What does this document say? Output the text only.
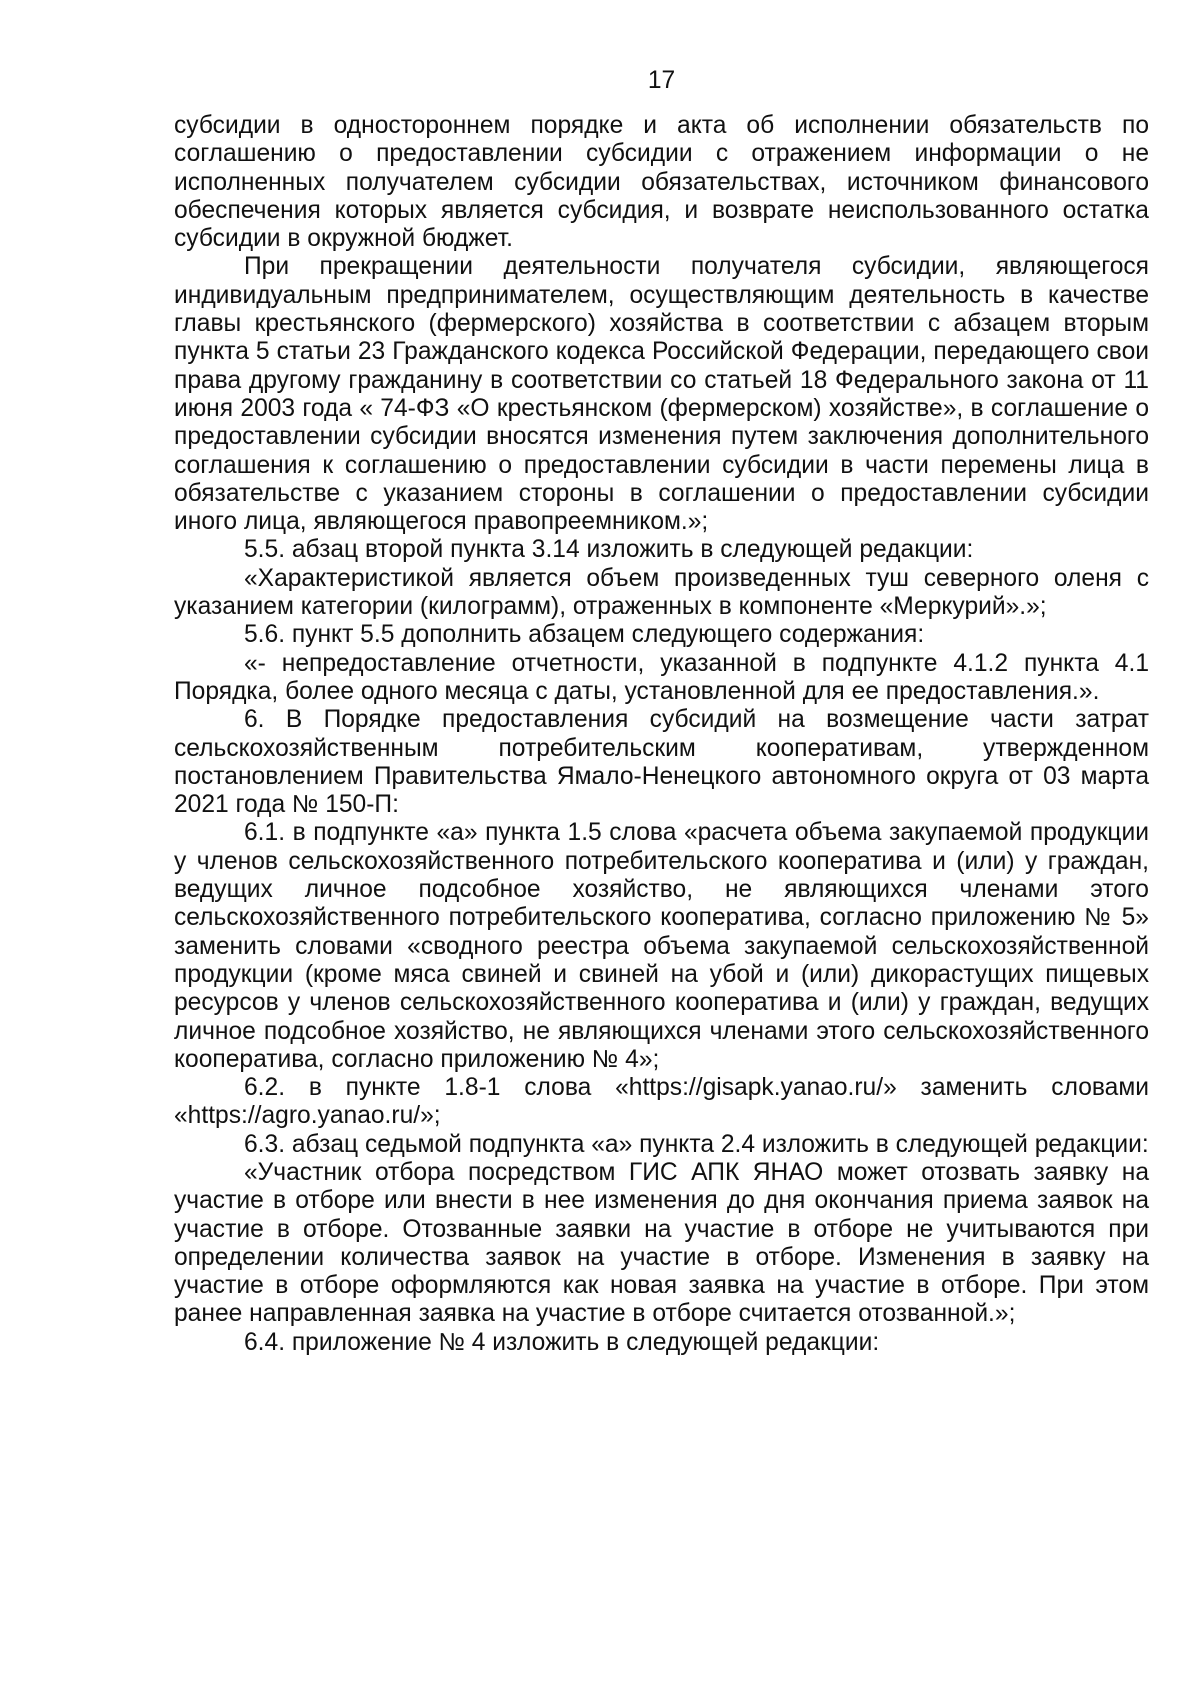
17

субсидии в одностороннем порядке и акта об исполнении обязательств по соглашению о предоставлении субсидии с отражением информации о не исполненных получателем субсидии обязательствах, источником финансового обеспечения которых является субсидия, и возврате неиспользованного остатка субсидии в окружной бюджет.

При прекращении деятельности получателя субсидии, являющегося индивидуальным предпринимателем, осуществляющим деятельность в качестве главы крестьянского (фермерского) хозяйства в соответствии с абзацем вторым пункта 5 статьи 23 Гражданского кодекса Российской Федерации, передающего свои права другому гражданину в соответствии со статьей 18 Федерального закона от 11 июня 2003 года « 74-ФЗ «О крестьянском (фермерском) хозяйстве», в соглашение о предоставлении субсидии вносятся изменения путем заключения дополнительного соглашения к соглашению о предоставлении субсидии в части перемены лица в обязательстве с указанием стороны в соглашении о предоставлении субсидии иного лица, являющегося правопреемником.»;

5.5. абзац второй пункта 3.14 изложить в следующей редакции:

«Характеристикой является объем произведенных туш северного оленя с указанием категории (килограмм), отраженных в компоненте «Меркурий».»;

5.6. пункт 5.5 дополнить абзацем следующего содержания:

«- непредоставление отчетности, указанной в подпункте 4.1.2 пункта 4.1 Порядка, более одного месяца с даты, установленной для ее предоставления.».

6. В Порядке предоставления субсидий на возмещение части затрат сельскохозяйственным потребительским кооперативам, утвержденном постановлением Правительства Ямало-Ненецкого автономного округа от 03 марта 2021 года № 150-П:

6.1. в подпункте «а» пункта 1.5 слова «расчета объема закупаемой продукции у членов сельскохозяйственного потребительского кооператива и (или) у граждан, ведущих личное подсобное хозяйство, не являющихся членами этого сельскохозяйственного потребительского кооператива, согласно приложению № 5» заменить словами «сводного реестра объема закупаемой сельскохозяйственной продукции (кроме мяса свиней и свиней на убой и (или) дикорастущих пищевых ресурсов у членов сельскохозяйственного кооператива и (или) у граждан, ведущих личное подсобное хозяйство, не являющихся членами этого сельскохозяйственного кооператива, согласно приложению № 4»;

6.2. в пункте 1.8-1 слова «https://gisapk.yanao.ru/» заменить словами «https://agro.yanao.ru/»;

6.3. абзац седьмой подпункта «а» пункта 2.4 изложить в следующей редакции:

«Участник отбора посредством ГИС АПК ЯНАО может отозвать заявку на участие в отборе или внести в нее изменения до дня окончания приема заявок на участие в отборе. Отозванные заявки на участие в отборе не учитываются при определении количества заявок на участие в отборе. Изменения в заявку на участие в отборе оформляются как новая заявка на участие в отборе. При этом ранее направленная заявка на участие в отборе считается отозванной.»;

6.4. приложение № 4 изложить в следующей редакции:
